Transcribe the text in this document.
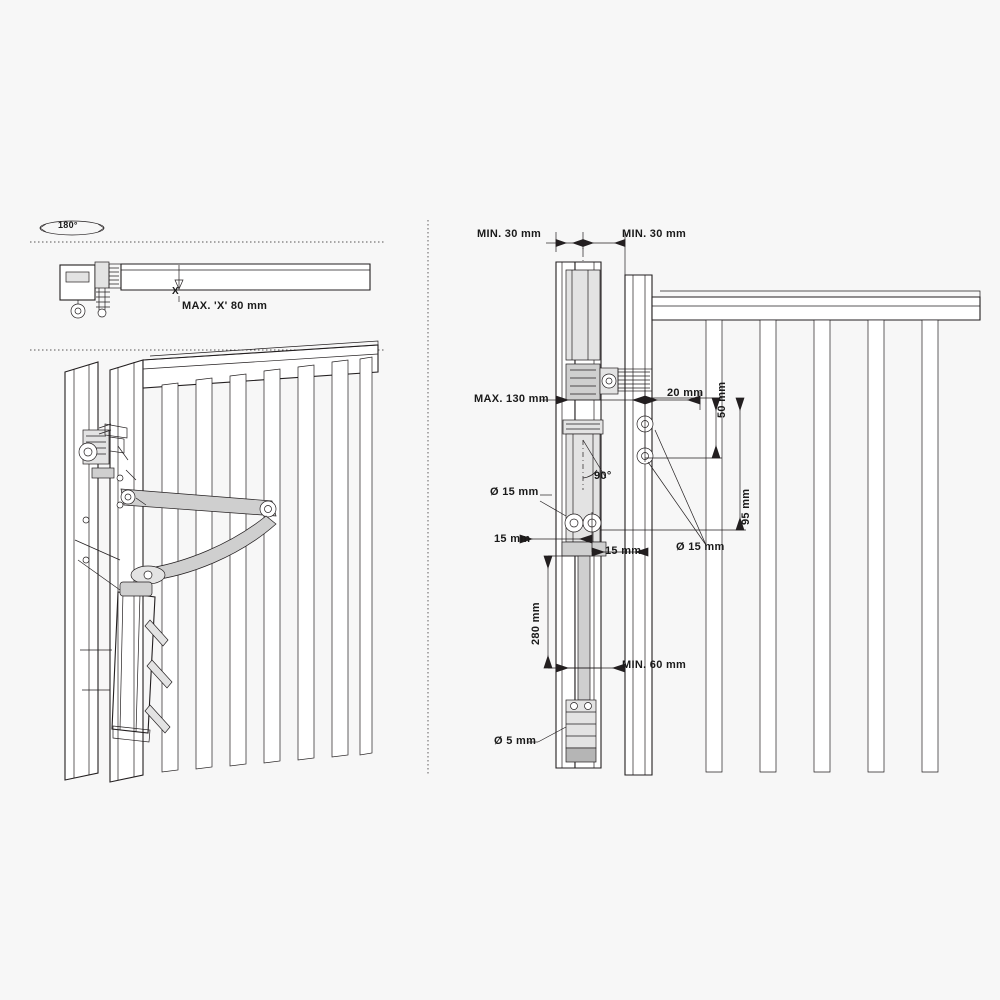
180°
X
MAX. 'X' 80 mm
MIN. 30 mm	MIN. 30 mm
MAX. 130 mm	20 mm 50 mm
95 mm
90°
Ø 15 mm
Ø 15 mm
15 mm
15 mm
280 mm
MIN. 60 mm
Ø 5 mm
